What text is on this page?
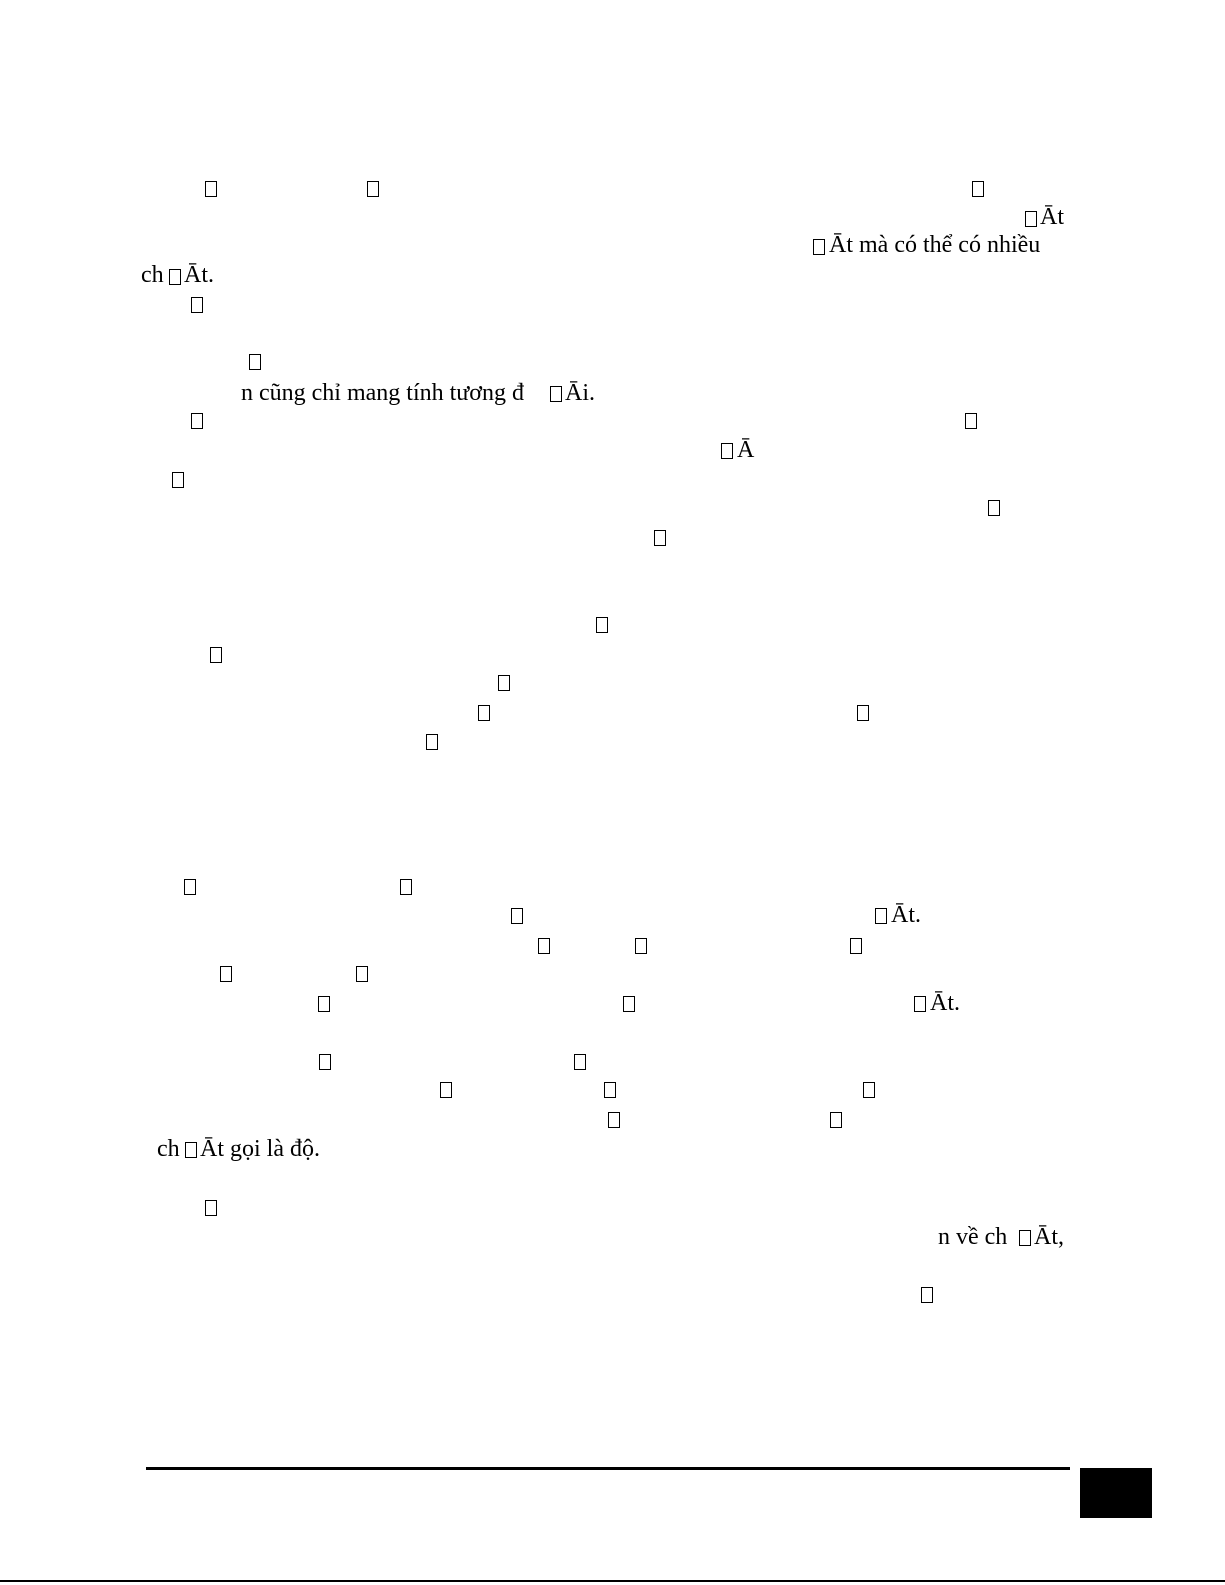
Āt
Āt mà có thể có nhiều
ch Āt.
n cũng chỉ mang tính tương đ Āi.
Ā
Āt.
Āt.
ch Āt gọi là độ.
n về ch Āt,
